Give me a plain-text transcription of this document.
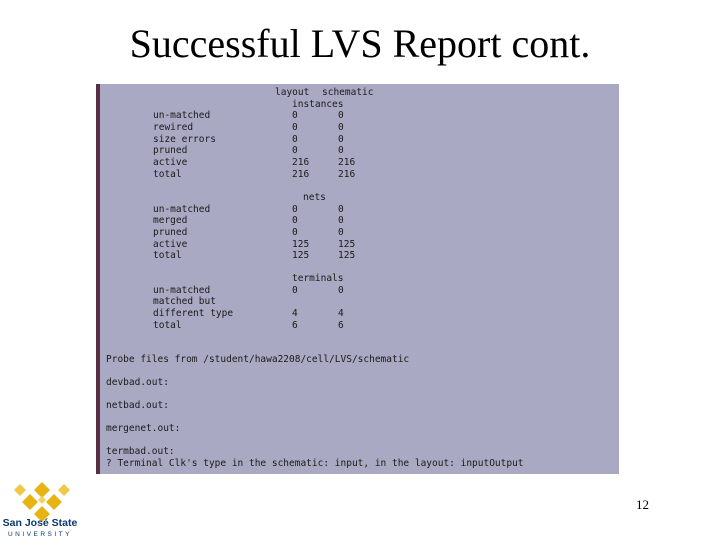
Successful LVS Report cont.
layout schematic
instances
un-matched	0	0
rewired	0	0
size errors	0	0
pruned	0	0
active	216	216
total	216	216
nets
un-matched	0	0
merged	0	0
pruned	0	0
active	125	125
total	125	125
terminals
un-matched	0	0
matched but
different type	4	4
total	6	6
Probe files from /student/hawa2208/cell/LVS/schematic
devbad.out:
netbad.out:
mergenet.out:
termbad.out:
? Terminal Clk's type in the schematic: input, in the layout: inputOutput
12
San José State
UNIVERSITY
